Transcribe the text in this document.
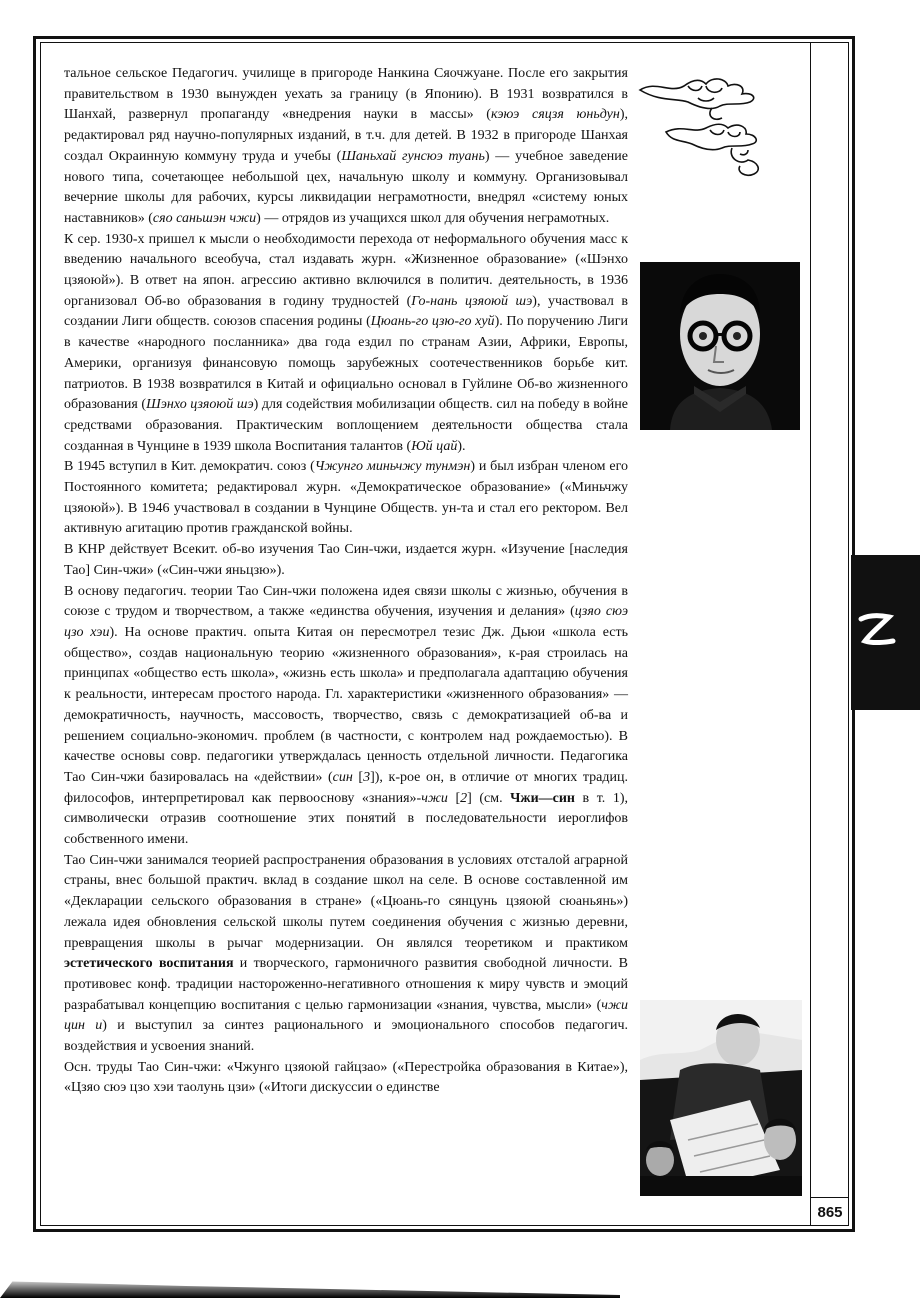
тальное сельское Педагогич. училище в пригороде Нанкина Сяочжуане. После его закрытия правительством в 1930 вынужден уехать за границу (в Японию). В 1931 возвратился в Шанхай, развернул пропаганду «внедрения науки в массы» (кэюэ сяцзя юньдун), редактировал ряд научно-популярных изданий, в т.ч. для детей. В 1932 в пригороде Шанхая создал Окраинную коммуну труда и учебы (Шаньхай гунсюэ туань) — учебное заведение нового типа, сочетающее небольшой цех, начальную школу и коммуну. Организовывал вечерние школы для рабочих, курсы ликвидации неграмотности, внедрял «систему юных наставников» (сяо саньшэн чжи) — отрядов из учащихся школ для обучения неграмотных.

К сер. 1930-х пришел к мысли о необходимости перехода от неформального обучения масс к введению начального всеобуча, стал издавать журн. «Жизненное образование» («Шэнхо цзяоюй»). В ответ на япон. агрессию активно включился в политич. деятельность, в 1936 организовал Об-во образования в годину трудностей (Го-нань цзяоюй шэ), участвовал в создании Лиги обществ. союзов спасения родины (Цюань-го цзю-го хуй). По поручению Лиги в качестве «народного посланника» два года ездил по странам Азии, Африки, Европы, Америки, организуя финансовую помощь зарубежных соотечественников борьбе кит. патриотов. В 1938 возвратился в Китай и официально основал в Гуйлине Об-во жизненного образования (Шэнхо цзяоюй шэ) для содействия мобилизации обществ. сил на победу в войне средствами образования. Практическим воплощением деятельности общества стала созданная в Чунцине в 1939 школа Воспитания талантов (Юй цай).

В 1945 вступил в Кит. демократич. союз (Чжунго миньчжу тунмэн) и был избран членом его Постоянного комитета; редактировал журн. «Демократическое образование» («Миньчжу цзяоюй»). В 1946 участвовал в создании в Чунцине Обществ. ун-та и стал его ректором. Вел активную агитацию против гражданской войны.

В КНР действует Всекит. об-во изучения Тао Син-чжи, издается журн. «Изучение [наследия Тао] Син-чжи» («Син-чжи яньцзю»).

В основу педагогич. теории Тао Син-чжи положена идея связи школы с жизнью, обучения в союзе с трудом и творчеством, а также «единства обучения, изучения и делания» (цзяо сюэ цзо хэи). На основе практич. опыта Китая он пересмотрел тезис Дж. Дьюи «школа есть общество», создав национальную теорию «жизненного образования», к-рая строилась на принципах «общество есть школа», «жизнь есть школа» и предполагала адаптацию обучения к реальности, интересам простого народа. Гл. характеристики «жизненного образования» — демократичность, научность, массовость, творчество, связь с демократизацией об-ва и решением социально-экономич. проблем (в частности, с контролем над рождаемостью). В качестве основы совр. педагогики утверждалась ценность отдельной личности. Педагогика Тао Син-чжи базировалась на «действии» (син [3]), к-рое он, в отличие от многих традиц. философов, интерпретировал как первооснову «знания»-чжи [2] (см. Чжи—син в т. 1), символически отразив соотношение этих понятий в последовательности иероглифов собственного имени.

Тао Син-чжи занимался теорией распространения образования в условиях отсталой аграрной страны, внес большой практич. вклад в создание школ на селе. В основе составленной им «Декларации сельского образования в стране» («Цюань-го сянцунь цзяоюй сюаньянь») лежала идея обновления сельской школы путем соединения обучения с жизнью деревни, превращения школы в рычаг модернизации. Он являлся теоретиком и практиком эстетического воспитания и творческого, гармоничного развития свободной личности. В противовес конф. традиции настороженно-негативного отношения к миру чувств и эмоций разрабатывал концепцию воспитания с целью гармонизации «знания, чувства, мысли» (чжи цин и) и выступил за синтез рационального и эмоционального способов педагогич. воздействия и усвоения знаний.

Осн. труды Тао Син-чжи: «Чжунго цзяоюй гайцзао» («Перестройка образования в Китае»), «Цзяо сюэ цзо хэи таолунь цзи» («Итоги дискуссии о единстве

865
